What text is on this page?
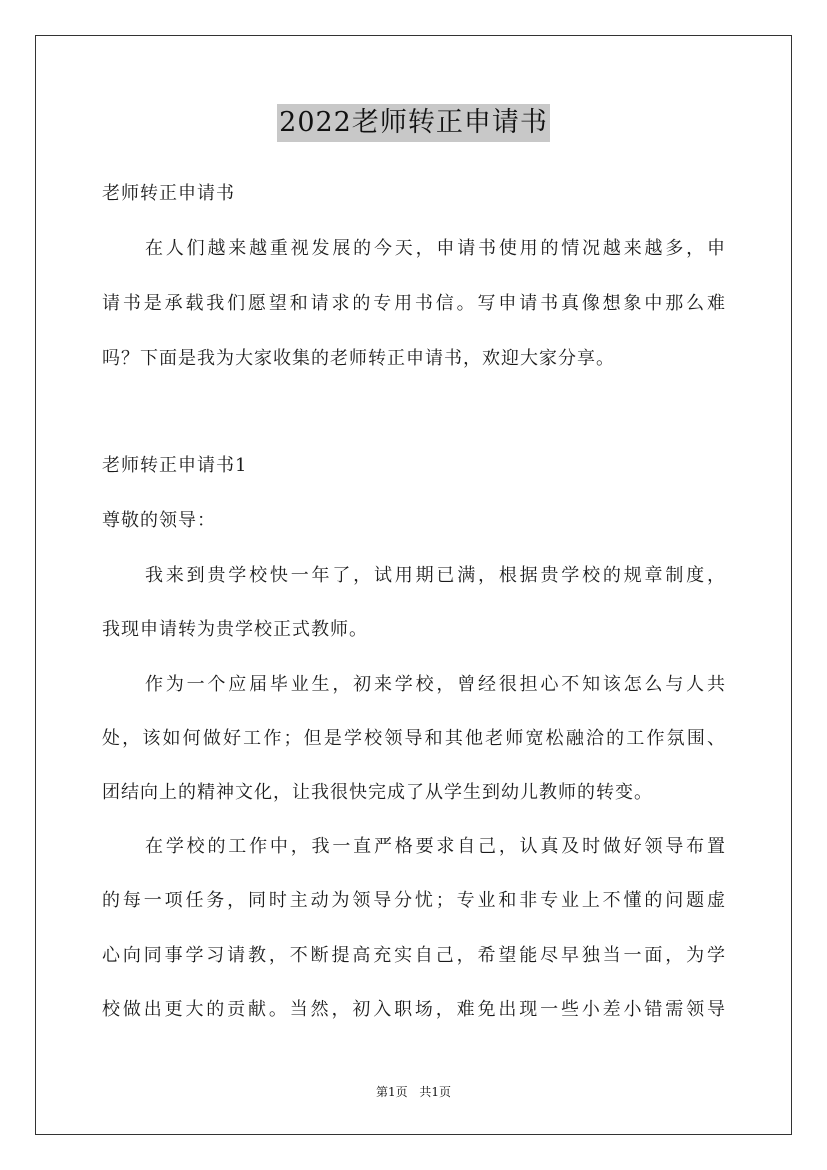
2022老师转正申请书
老师转正申请书
在人们越来越重视发展的今天，申请书使用的情况越来越多，申
请书是承载我们愿望和请求的专用书信。写申请书真像想象中那么难
吗？下面是我为大家收集的老师转正申请书，欢迎大家分享。
老师转正申请书1
尊敬的领导：
我来到贵学校快一年了，试用期已满，根据贵学校的规章制度，
我现申请转为贵学校正式教师。
作为一个应届毕业生，初来学校，曾经很担心不知该怎么与人共
处，该如何做好工作；但是学校领导和其他老师宽松融洽的工作氛围、
团结向上的精神文化，让我很快完成了从学生到幼儿教师的转变。
在学校的工作中，我一直严格要求自己，认真及时做好领导布置
的每一项任务，同时主动为领导分忧；专业和非专业上不懂的问题虚
心向同事学习请教，不断提高充实自己，希望能尽早独当一面，为学
校做出更大的贡献。当然，初入职场，难免出现一些小差小错需领导
第1页 共1页
